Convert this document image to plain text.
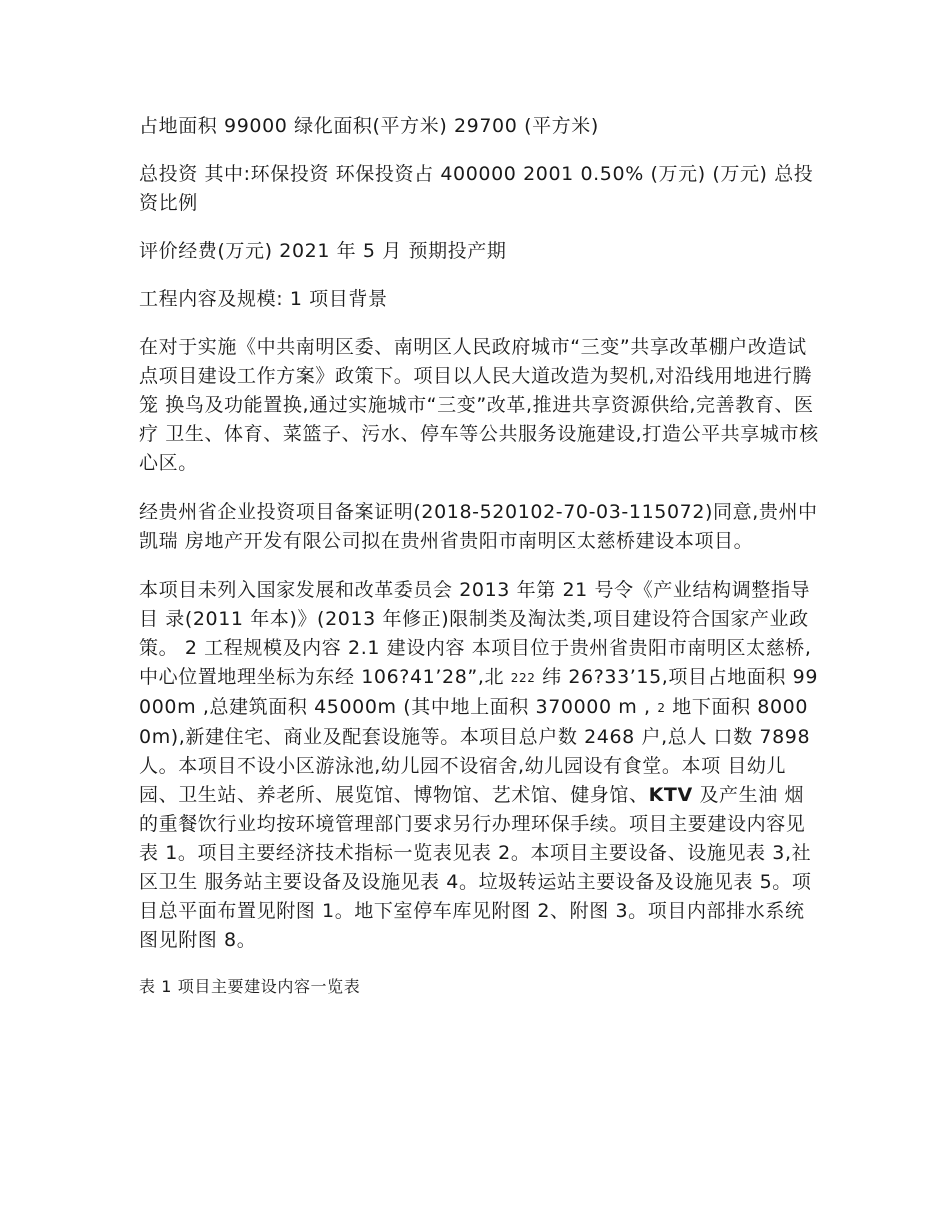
占地面积 99000 绿化面积(平方米) 29700 (平方米)

总投资 其中:环保投资 环保投资占 400000 2001 0.50% (万元) (万元) 总投资比例

评价经费(万元) 2021 年 5 月 预期投产期

工程内容及规模: 1 项目背景

在对于实施《中共南明区委、南明区人民政府城市“三变”共享改革棚户改造试 点项目建设工作方案》政策下。项目以人民大道改造为契机,对沿线用地进行腾笼 换鸟及功能置换,通过实施城市“三变”改革,推进共享资源供给,完善教育、医疗 卫生、体育、菜篮子、污水、停车等公共服务设施建设,打造公平共享城市核心区。

经贵州省企业投资项目备案证明(2018-520102-70-03-115072)同意,贵州中凯瑞 房地产开发有限公司拟在贵州省贵阳市南明区太慈桥建设本项目。

本项目未列入国家发展和改革委员会 2013 年第 21 号令《产业结构调整指导目 录(2011 年本)》(2013 年修正)限制类及淘汰类,项目建设符合国家产业政策。 2 工程规模及内容 2.1 建设内容 本项目位于贵州省贵阳市南明区太慈桥,中心位置地理坐标为东经 106?41’28”,北 222 纬 26?33’15,项目占地面积 99000m ,总建筑面积 45000m (其中地上面积 370000 m , 2 地下面积 80000m),新建住宅、商业及配套设施等。本项目总户数 2468 户,总人 口数 7898 人。本项目不设小区游泳池,幼儿园不设宿舍,幼儿园设有食堂。本项 目幼儿园、卫生站、养老所、展览馆、博物馆、艺术馆、健身馆、KTV 及产生油 烟的重餐饮行业均按环境管理部门要求另行办理环保手续。项目主要建设内容见表 1。项目主要经济技术指标一览表见表 2。本项目主要设备、设施见表 3,社区卫生 服务站主要设备及设施见表 4。垃圾转运站主要设备及设施见表 5。项目总平面布置见附图 1。地下室停车库见附图 2、附图 3。项目内部排水系统图见附图 8。

表 1 项目主要建设内容一览表
